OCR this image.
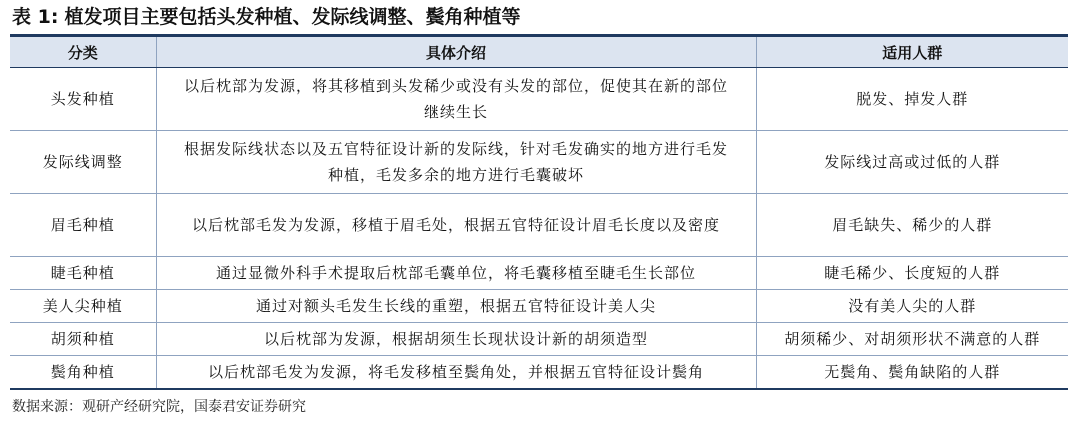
表 1: 植发项目主要包括头发种植、发际线调整、鬓角种植等
分类	具体介绍	适用人群
头发种植	以后枕部为发源，将其移植到头发稀少或没有头发的部位，促使其在新的部位继续生长	脱发、掉发人群
发际线调整	根据发际线状态以及五官特征设计新的发际线，针对毛发确实的地方进行毛发种植，毛发多余的地方进行毛囊破坏	发际线过高或过低的人群
眉毛种植	以后枕部毛发为发源，移植于眉毛处，根据五官特征设计眉毛长度以及密度	眉毛缺失、稀少的人群
睫毛种植	通过显微外科手术提取后枕部毛囊单位，将毛囊移植至睫毛生长部位	睫毛稀少、长度短的人群
美人尖种植	通过对额头毛发生长线的重塑，根据五官特征设计美人尖	没有美人尖的人群
胡须种植	以后枕部为发源，根据胡须生长现状设计新的胡须造型	胡须稀少、对胡须形状不满意的人群
鬓角种植	以后枕部毛发为发源，将毛发移植至鬓角处，并根据五官特征设计鬓角	无鬓角、鬓角缺陷的人群
数据来源：观研产经研究院，国泰君安证券研究
